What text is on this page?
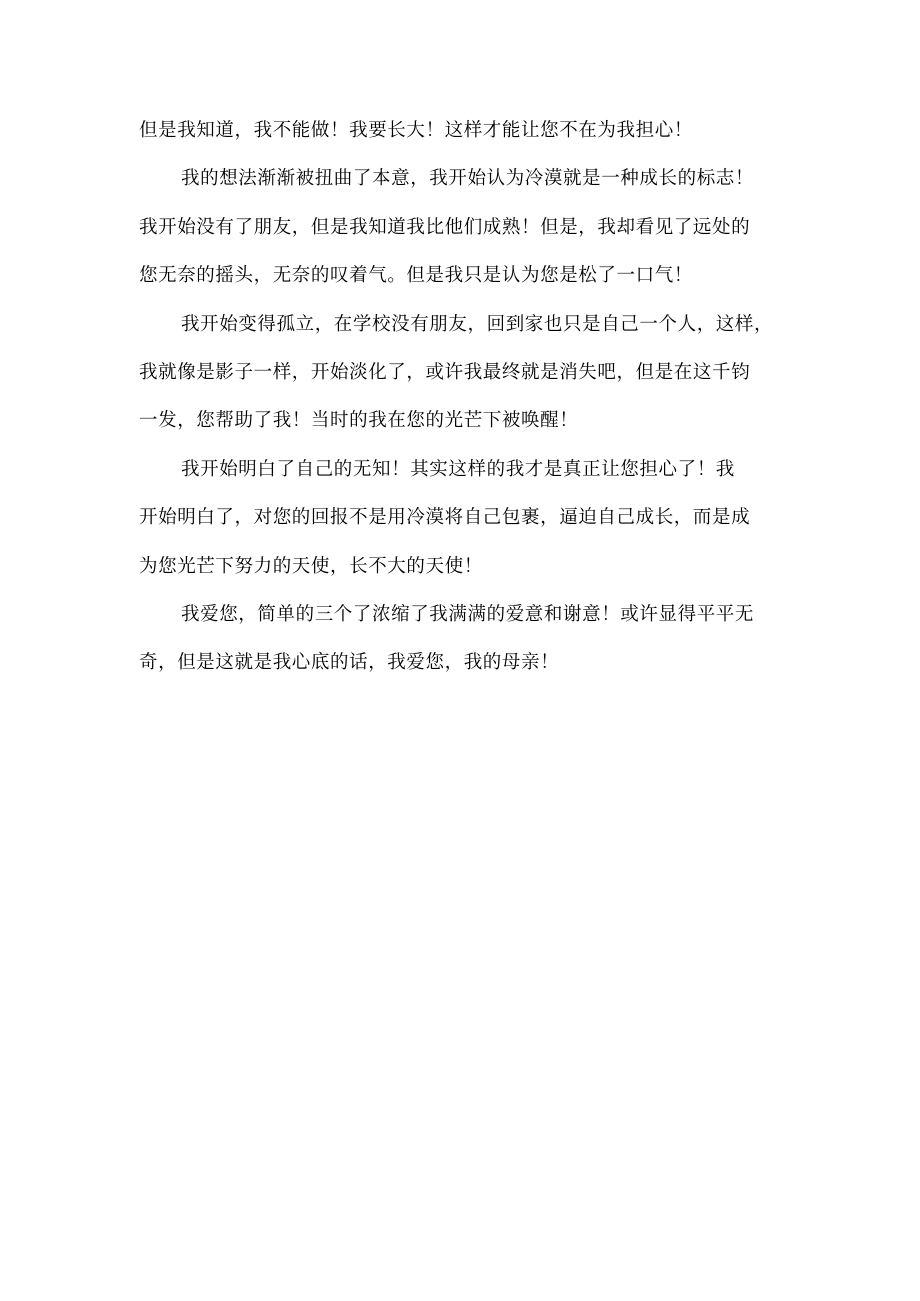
但是我知道，我不能做！我要长大！这样才能让您不在为我担心！
我的想法渐渐被扭曲了本意，我开始认为冷漠就是一种成长的标志！
我开始没有了朋友，但是我知道我比他们成熟！但是，我却看见了远处的
您无奈的摇头，无奈的叹着气。但是我只是认为您是松了一口气！
我开始变得孤立，在学校没有朋友，回到家也只是自己一个人，这样，
我就像是影子一样，开始淡化了，或许我最终就是消失吧，但是在这千钧
一发，您帮助了我！当时的我在您的光芒下被唤醒！
我开始明白了自己的无知！其实这样的我才是真正让您担心了！我
开始明白了，对您的回报不是用冷漠将自己包裹，逼迫自己成长，而是成
为您光芒下努力的天使，长不大的天使！
我爱您，简单的三个了浓缩了我满满的爱意和谢意！或许显得平平无
奇，但是这就是我心底的话，我爱您，我的母亲！
